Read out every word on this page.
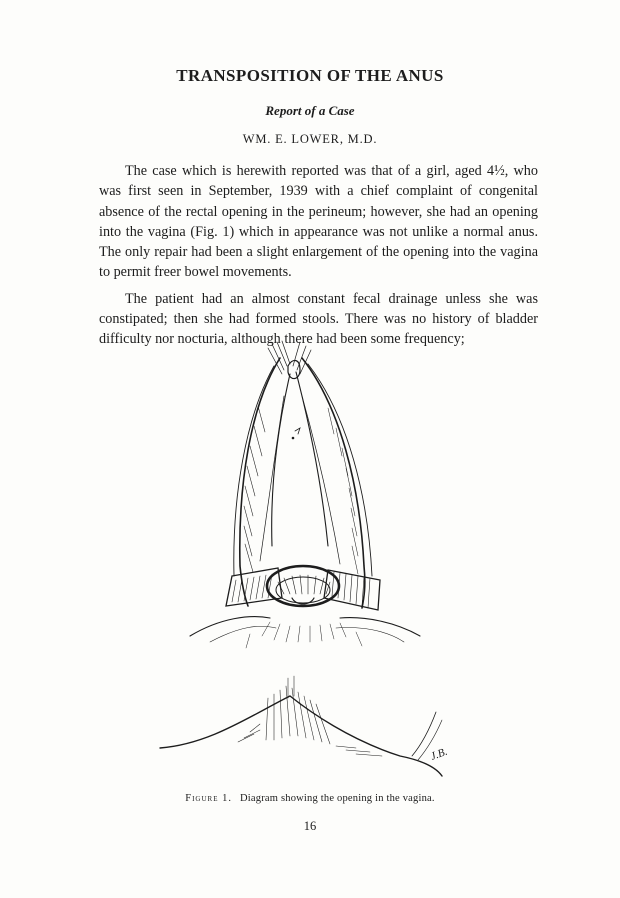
TRANSPOSITION OF THE ANUS
Report of a Case
WM. E. LOWER, M.D.

The case which is herewith reported was that of a girl, aged 4½, who was first seen in September, 1939 with a chief complaint of congenital absence of the rectal opening in the perineum; however, she had an opening into the vagina (Fig. 1) which in appearance was not unlike a normal anus. The only repair had been a slight enlargement of the opening into the vagina to permit freer bowel movements.

The patient had an almost constant fecal drainage unless she was constipated; then she had formed stools. There was no history of bladder difficulty nor nocturia, although there had been some frequency;

J.B.
Figure 1. Diagram showing the opening in the vagina.
16
